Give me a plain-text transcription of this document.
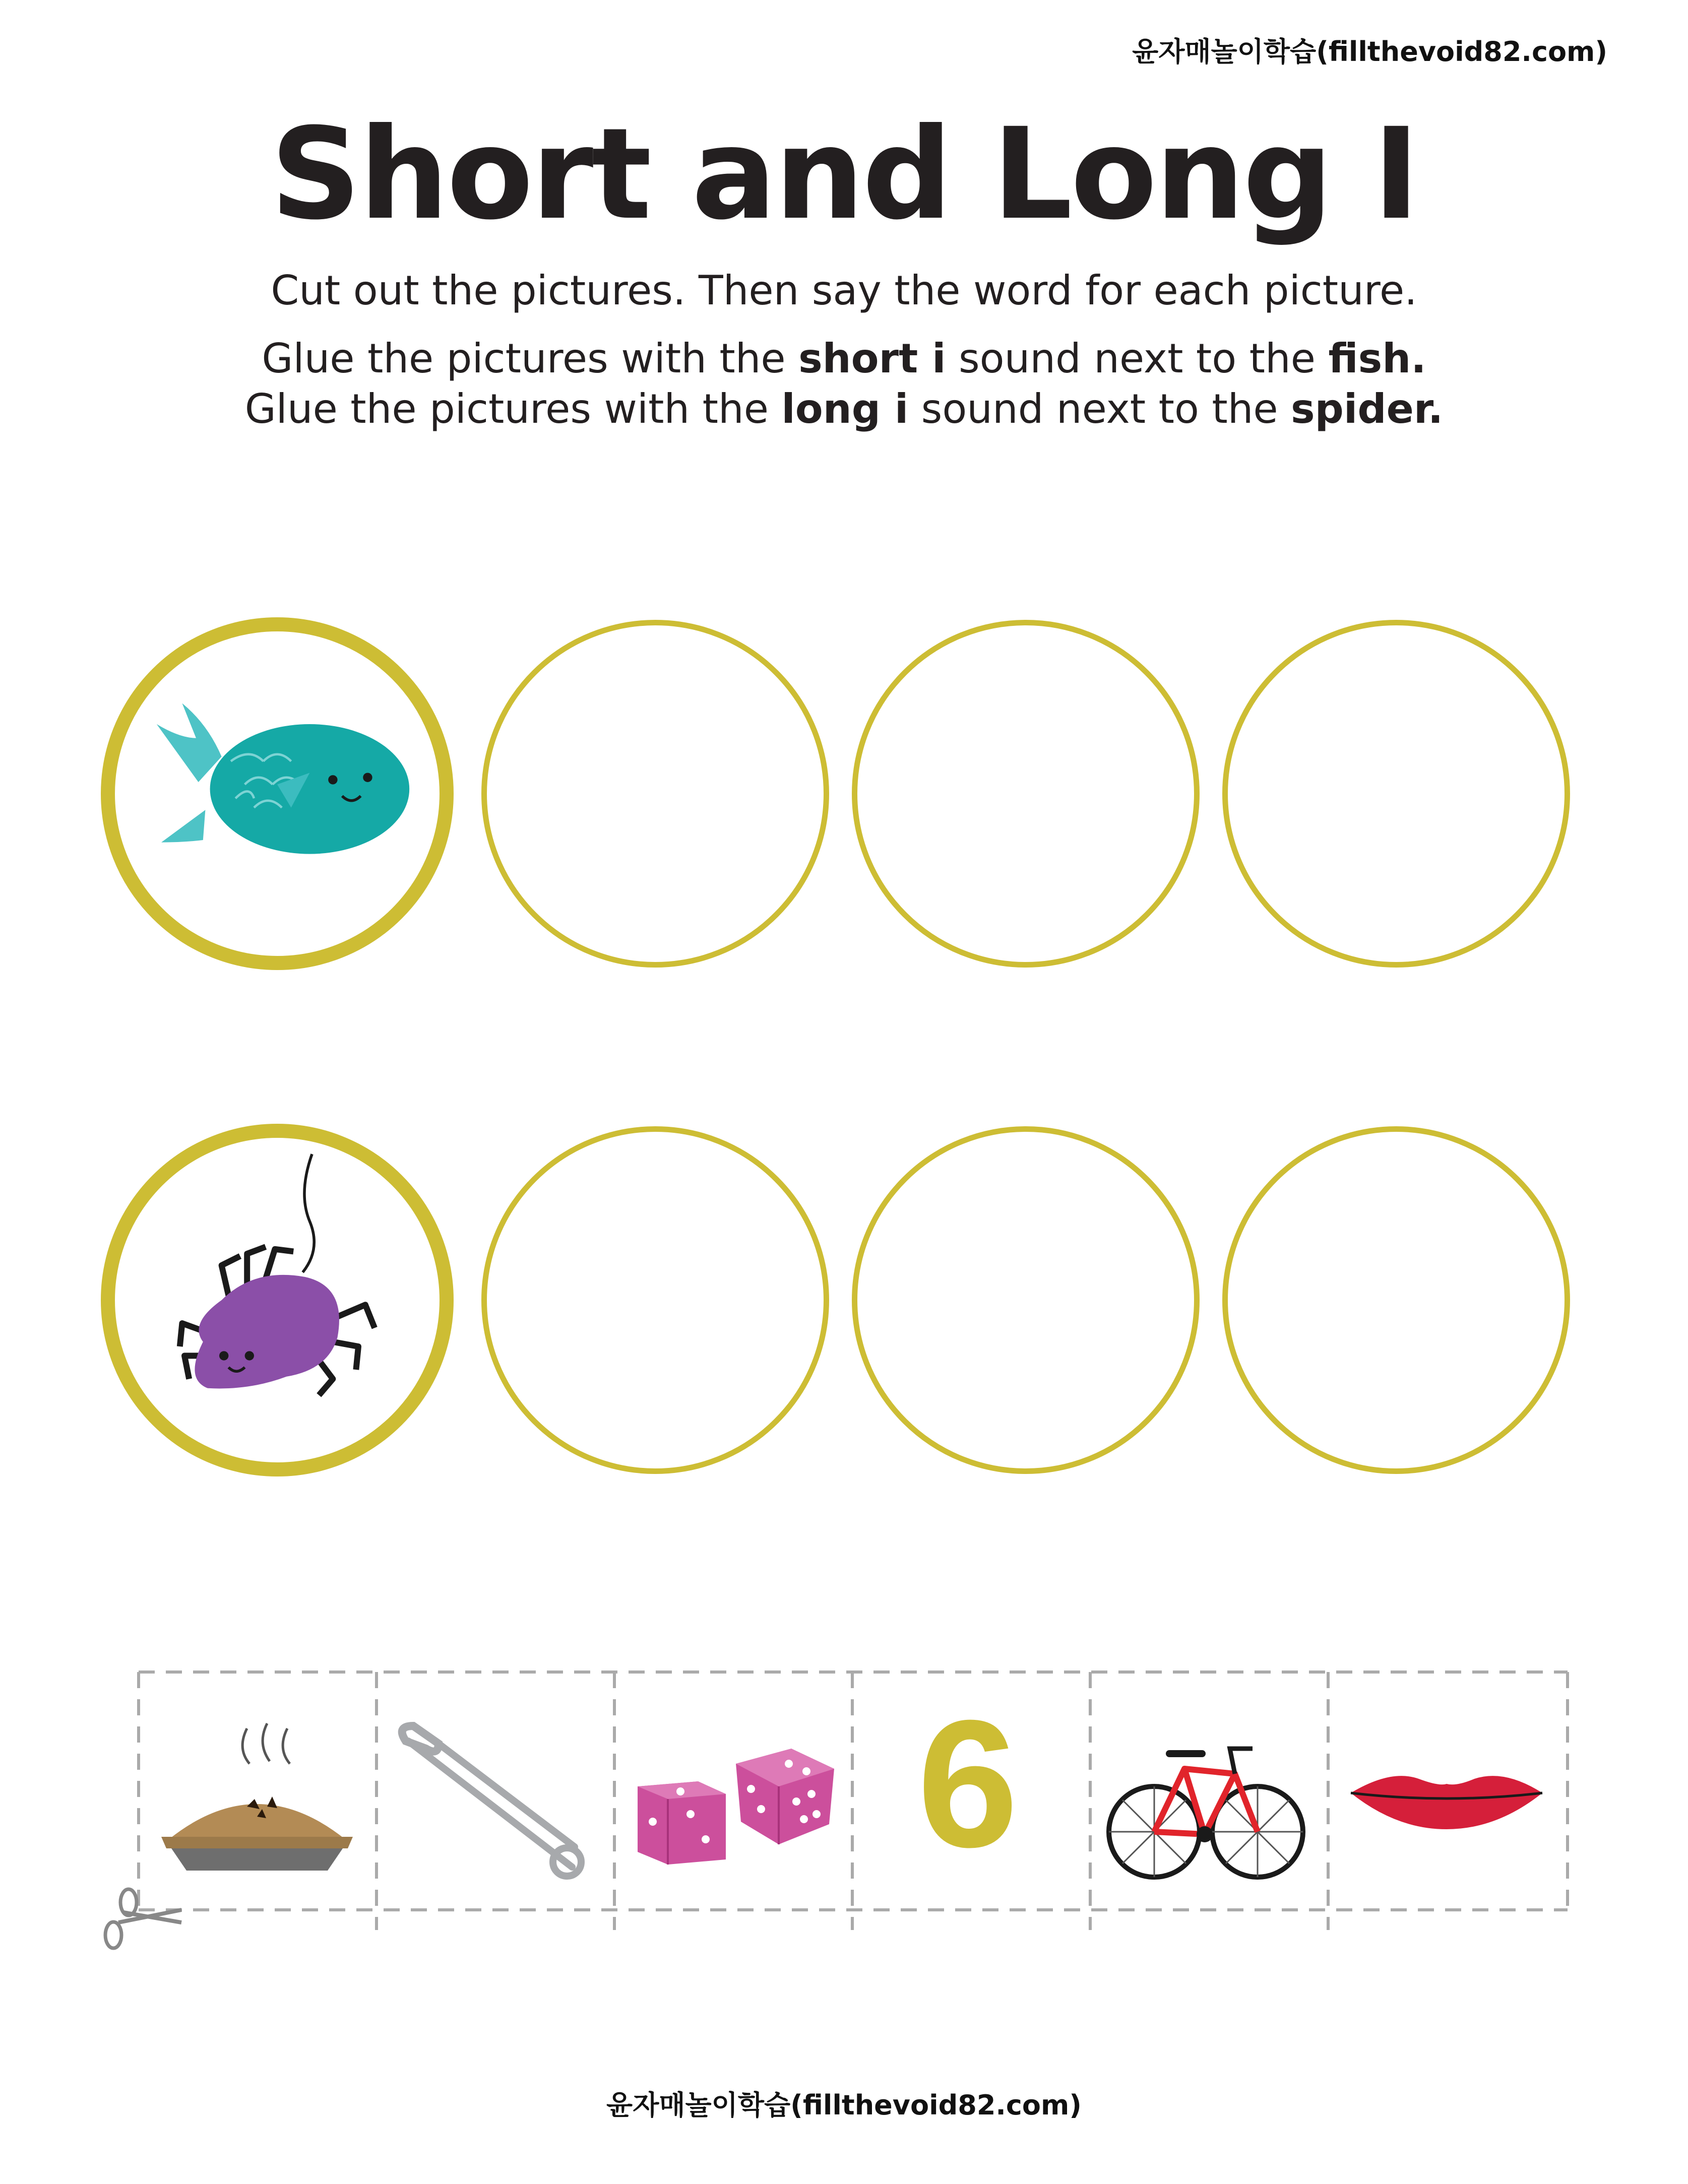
윤자매놀이학습(fillthevoid82.com)
Short and Long I
Cut out the pictures. Then say the word for each picture.
Glue the pictures with the short i sound next to the fish.
Glue the pictures with the long i sound next to the spider.
6
윤자매놀이학습(fillthevoid82.com)
